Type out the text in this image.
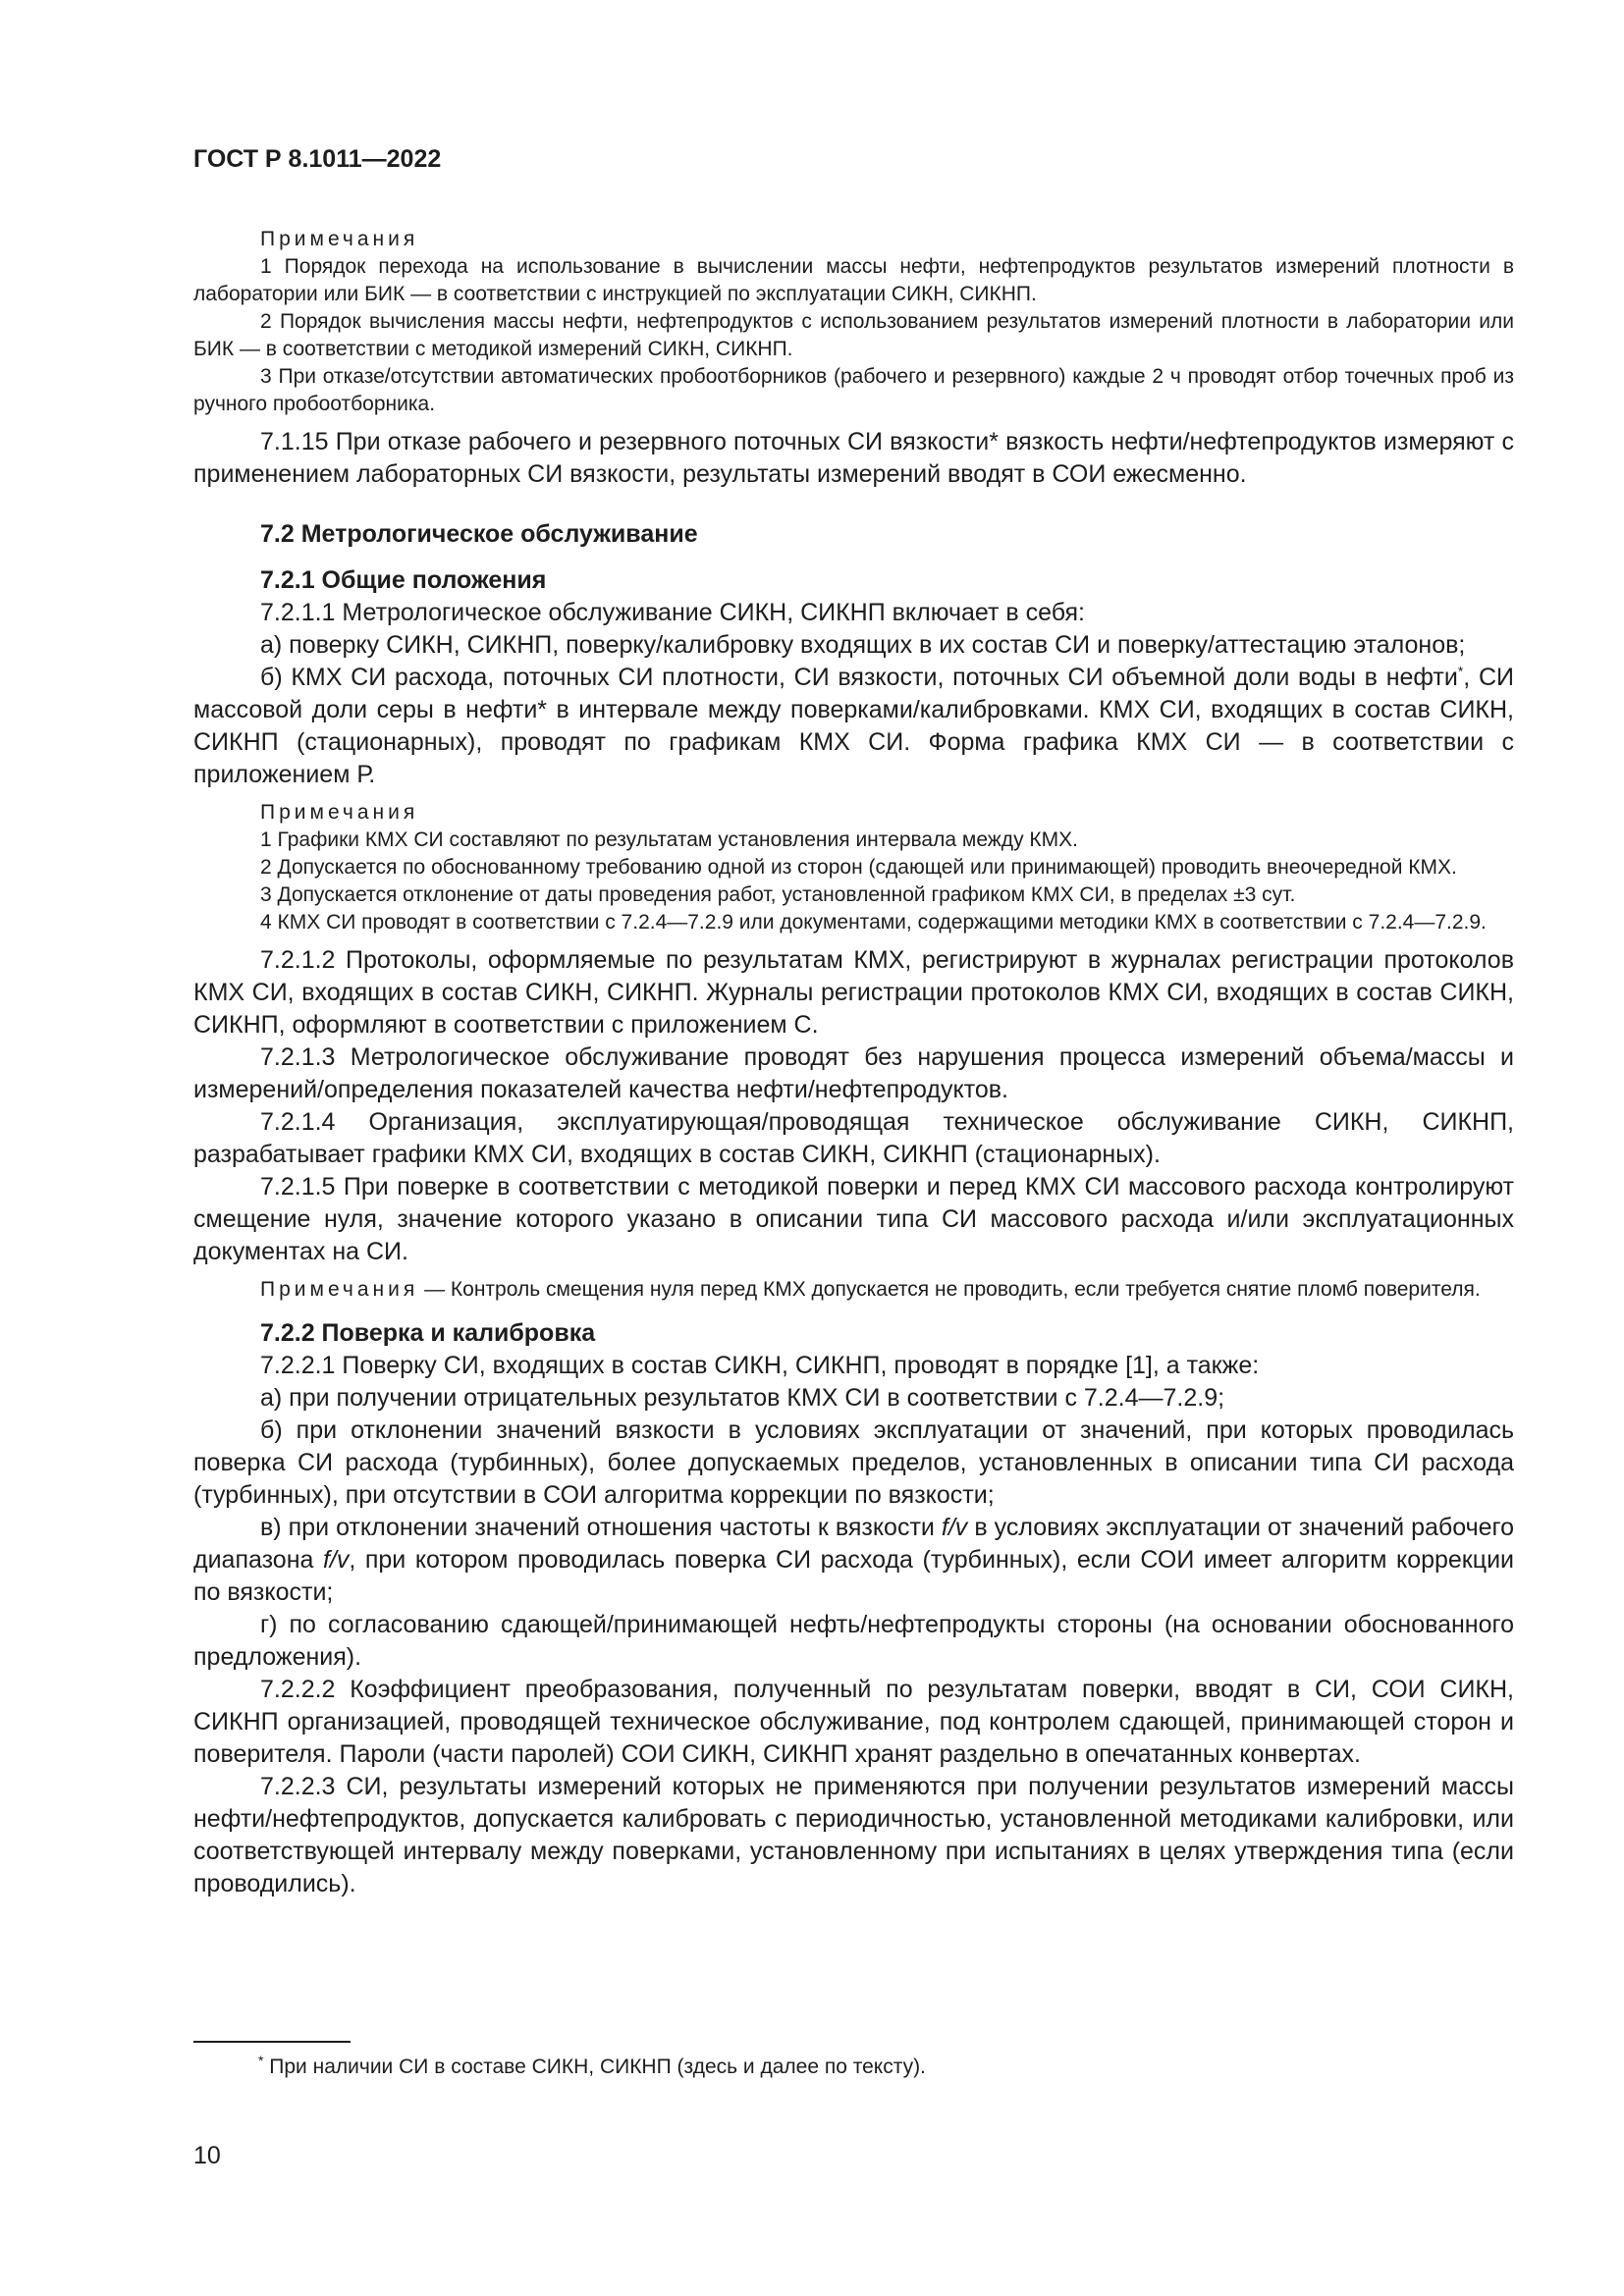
ГОСТ Р 8.1011—2022
Примечания

1 Порядок перехода на использование в вычислении массы нефти, нефтепродуктов результатов измерений плотности в лаборатории или БИК — в соответствии с инструкцией по эксплуатации СИКН, СИКНП.

2 Порядок вычисления массы нефти, нефтепродуктов с использованием результатов измерений плотности в лаборатории или БИК — в соответствии с методикой измерений СИКН, СИКНП.

3 При отказе/отсутствии автоматических пробоотборников (рабочего и резервного) каждые 2 ч проводят отбор точечных проб из ручного пробоотборника.

7.1.15 При отказе рабочего и резервного поточных СИ вязкости* вязкость нефти/нефтепродуктов измеряют с применением лабораторных СИ вязкости, результаты измерений вводят в СОИ ежесменно.

7.2 Метрологическое обслуживание
7.2.1 Общие положения

7.2.1.1 Метрологическое обслуживание СИКН, СИКНП включает в себя:

а) поверку СИКН, СИКНП, поверку/калибровку входящих в их состав СИ и поверку/аттестацию эталонов;

б) КМХ СИ расхода, поточных СИ плотности, СИ вязкости, поточных СИ объемной доли воды в нефти*, СИ массовой доли серы в нефти* в интервале между поверками/калибровками. КМХ СИ, входящих в состав СИКН, СИКНП (стационарных), проводят по графикам КМХ СИ. Форма графика КМХ СИ — в соответствии с приложением Р.

Примечания

1 Графики КМХ СИ составляют по результатам установления интервала между КМХ.

2 Допускается по обоснованному требованию одной из сторон (сдающей или принимающей) проводить внеочередной КМХ.

3 Допускается отклонение от даты проведения работ, установленной графиком КМХ СИ, в пределах ±3 сут.

4 КМХ СИ проводят в соответствии с 7.2.4—7.2.9 или документами, содержащими методики КМХ в соответствии с 7.2.4—7.2.9.

7.2.1.2 Протоколы, оформляемые по результатам КМХ, регистрируют в журналах регистрации протоколов КМХ СИ, входящих в состав СИКН, СИКНП. Журналы регистрации протоколов КМХ СИ, входящих в состав СИКН, СИКНП, оформляют в соответствии с приложением С.

7.2.1.3 Метрологическое обслуживание проводят без нарушения процесса измерений объема/массы и измерений/определения показателей качества нефти/нефтепродуктов.

7.2.1.4 Организация, эксплуатирующая/проводящая техническое обслуживание СИКН, СИКНП, разрабатывает графики КМХ СИ, входящих в состав СИКН, СИКНП (стационарных).

7.2.1.5 При поверке в соответствии с методикой поверки и перед КМХ СИ массового расхода контролируют смещение нуля, значение которого указано в описании типа СИ массового расхода и/или эксплуатационных документах на СИ.

Примечания — Контроль смещения нуля перед КМХ допускается не проводить, если требуется снятие пломб поверителя.

7.2.2 Поверка и калибровка

7.2.2.1 Поверку СИ, входящих в состав СИКН, СИКНП, проводят в порядке [1], а также:

а) при получении отрицательных результатов КМХ СИ в соответствии с 7.2.4—7.2.9;

б) при отклонении значений вязкости в условиях эксплуатации от значений, при которых проводилась поверка СИ расхода (турбинных), более допускаемых пределов, установленных в описании типа СИ расхода (турбинных), при отсутствии в СОИ алгоритма коррекции по вязкости;

в) при отклонении значений отношения частоты к вязкости f/v в условиях эксплуатации от значений рабочего диапазона f/v, при котором проводилась поверка СИ расхода (турбинных), если СОИ имеет алгоритм коррекции по вязкости;

г) по согласованию сдающей/принимающей нефть/нефтепродукты стороны (на основании обоснованного предложения).

7.2.2.2 Коэффициент преобразования, полученный по результатам поверки, вводят в СИ, СОИ СИКН, СИКНП организацией, проводящей техническое обслуживание, под контролем сдающей, принимающей сторон и поверителя. Пароли (части паролей) СОИ СИКН, СИКНП хранят раздельно в опечатанных конвертах.

7.2.2.3 СИ, результаты измерений которых не применяются при получении результатов измерений массы нефти/нефтепродуктов, допускается калибровать с периодичностью, установленной методиками калибровки, или соответствующей интервалу между поверками, установленному при испытаниях в целях утверждения типа (если проводились).

* При наличии СИ в составе СИКН, СИКНП (здесь и далее по тексту).
10
